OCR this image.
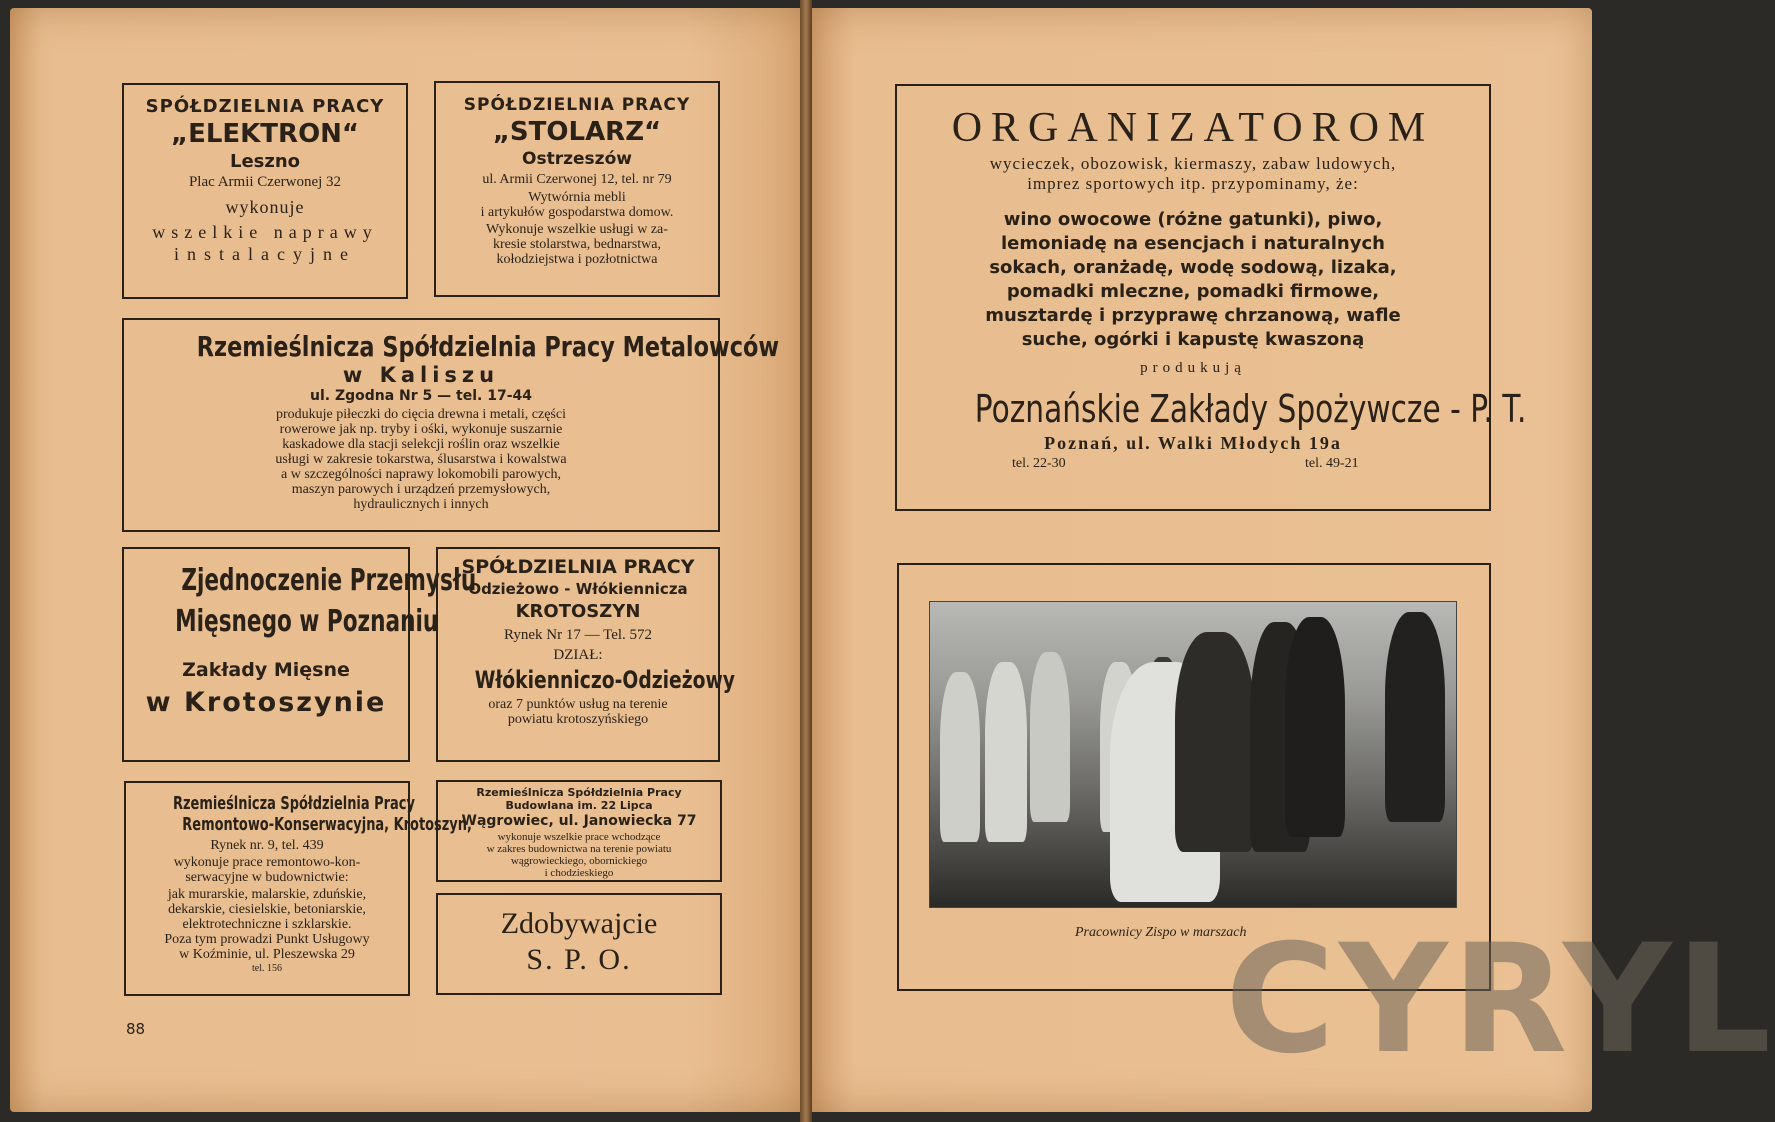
SPÓŁDZIELNIA PRACY
„ELEKTRON“
Leszno
Plac Armii Czerwonej 32
wykonuje
wszelkie naprawy
instalacyjne
SPÓŁDZIELNIA PRACY
„STOLARZ“
Ostrzeszów
ul. Armii Czerwonej 12, tel. nr 79
Wytwórnia mebli
i artykułów gospodarstwa domow.
Wykonuje wszelkie usługi w za-
kresie stolarstwa, bednarstwa,
kołodziejstwa i pozłotnictwa
Rzemieślnicza Spółdzielnia Pracy Metalowców
w Kaliszu
ul. Zgodna Nr 5 — tel. 17-44
produkuje piłeczki do cięcia drewna i metali, części
rowerowe jak np. tryby i ośki, wykonuje suszarnie
kaskadowe dla stacji selekcji roślin oraz wszelkie
usługi w zakresie tokarstwa, ślusarstwa i kowalstwa
a w szczególności naprawy lokomobili parowych,
maszyn parowych i urządzeń przemysłowych,
hydraulicznych i innych
Zjednoczenie Przemysłu
Mięsnego w Poznaniu
Zakłady Mięsne
w Krotoszynie
SPÓŁDZIELNIA PRACY
Odzieżowo - Włókiennicza
KROTOSZYN
Rynek Nr 17 — Tel. 572
DZIAŁ:
Włókienniczo-Odzieżowy
oraz 7 punktów usług na terenie
powiatu krotoszyńskiego
Rzemieślnicza Spółdzielnia Pracy
Remontowo-Konserwacyjna, Krotoszyn,
Rynek nr. 9, tel. 439
wykonuje prace remontowo-kon-
serwacyjne w budownictwie:
jak murarskie, malarskie, zduńskie,
dekarskie, ciesielskie, betoniarskie,
elektrotechniczne i szklarskie.
Poza tym prowadzi Punkt Usługowy
w Koźminie, ul. Pleszewska 29
tel. 156
Rzemieślnicza Spółdzielnia Pracy
Budowlana im. 22 Lipca
Wągrowiec, ul. Janowiecka 77
wykonuje wszelkie prace wchodzące
w zakres budownictwa na terenie powiatu
wągrowieckiego, obornickiego
i chodzieskiego
Zdobywajcie
S. P. O.
88
ORGANIZATOROM
wycieczek, obozowisk, kiermaszy, zabaw ludowych,
imprez sportowych itp. przypominamy, że:
wino owocowe (różne gatunki), piwo,
lemoniadę na esencjach i naturalnych
sokach, oranżadę, wodę sodową, lizaka,
pomadki mleczne, pomadki firmowe,
musztardę i przyprawę chrzanową, wafle
suche, ogórki i kapustę kwaszoną
produkują
Poznańskie Zakłady Spożywcze - P. T.
Poznań, ul. Walki Młodych 19a
tel. 22-30	tel. 49-21
Pracownicy Zispo w marszach
CYRYL
